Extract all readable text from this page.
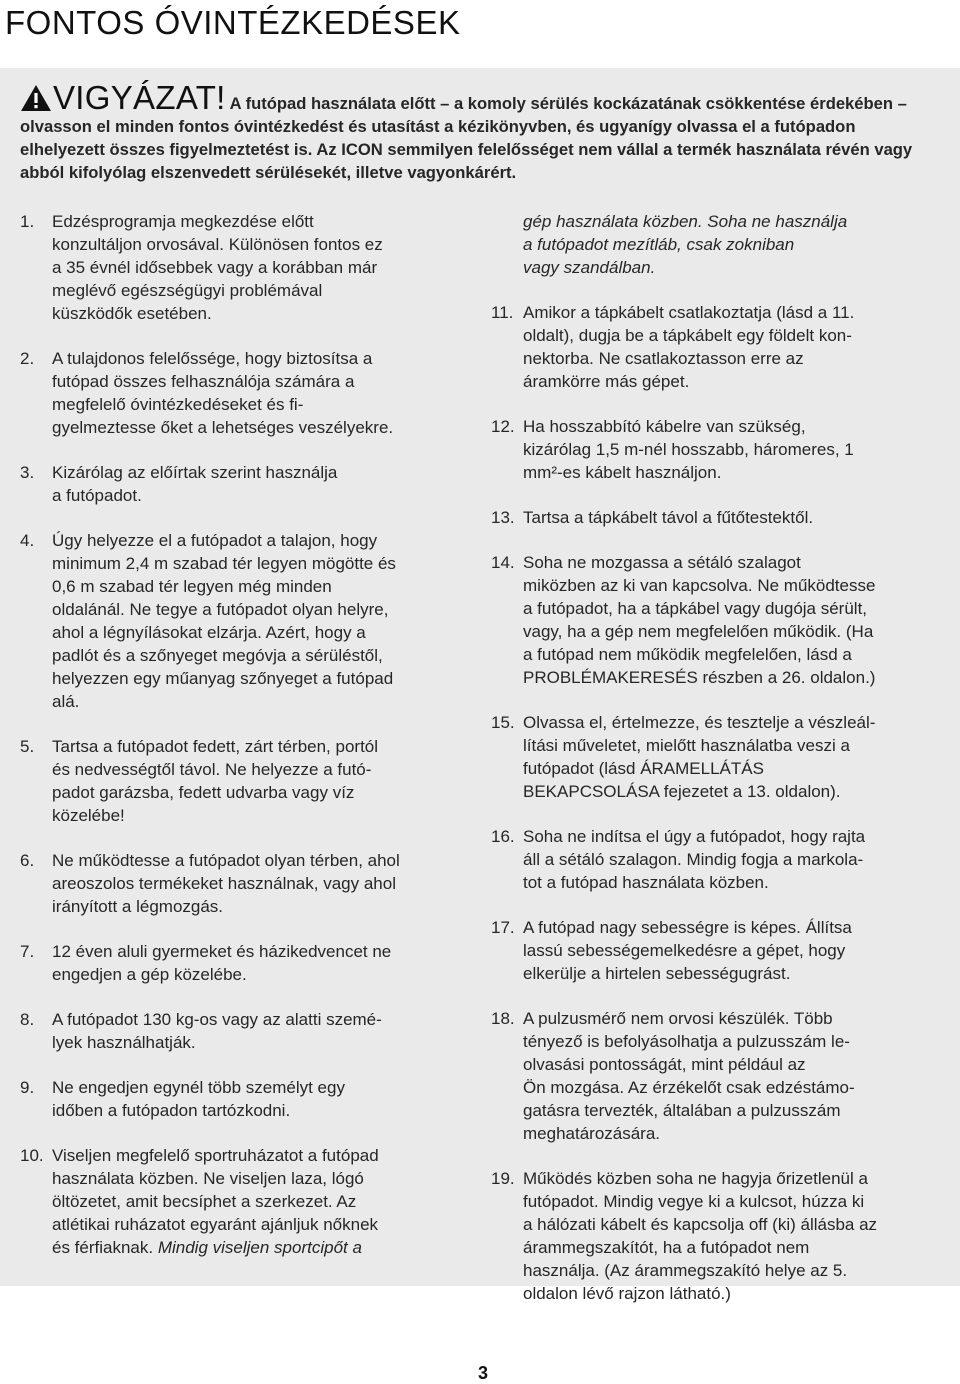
FONTOS ÓVINTÉZKEDÉSEK
VIGYÁZAT! A futópad használata előtt – a komoly sérülés kockázatának csökkentése érdekében – olvasson el minden fontos óvintézkedést és utasítást a kézikönyvben, és ugyanígy olvassa el a futópadon elhelyezett összes figyelmeztetést is. Az ICON semmilyen felelősséget nem vállal a termék használata révén vagy abból kifolyólag elszenvedett sérülésekét, illetve vagyonkárért.
1.	Edzésprogramja megkezdése előtt
konzultáljon orvosával. Különösen fontos ez
a 35 évnél idősebbek vagy a korábban már
meglévő egészségügyi problémával
küszködők esetében.
2.	A tulajdonos felelőssége, hogy biztosítsa a
futópad összes felhasználója számára a
megfelelő óvintézkedéseket és fi-
gyelmeztesse őket a lehetséges veszélyekre.
3.	Kizárólag az előírtak szerint használja
a futópadot.
4.	Úgy helyezze el a futópadot a talajon, hogy
minimum 2,4 m szabad tér legyen mögötte és
0,6 m szabad tér legyen még minden
oldalánál. Ne tegye a futópadot olyan helyre,
ahol a légnyílásokat elzárja. Azért, hogy a
padlót és a szőnyeget megóvja a sérüléstől,
helyezzen egy műanyag szőnyeget a futópad
alá.
5.	Tartsa a futópadot fedett, zárt térben, portól
és nedvességtől távol. Ne helyezze a futó-
padot garázsba, fedett udvarba vagy víz
közelébe!
6.	Ne működtesse a futópadot olyan térben, ahol
areoszolos termékeket használnak, vagy ahol
irányított a légmozgás.
7.	12 éven aluli gyermeket és házikedvencet ne
engedjen a gép közelébe.
8.	A futópadot 130 kg-os vagy az alatti szemé-
lyek használhatják.
9.	Ne engedjen egynél több személyt egy
időben a futópadon tartózkodni.
10. Viseljen megfelelő sportruházatot a futópad
használata közben. Ne viseljen laza, lógó
öltözetet, amit becsíphet a szerkezet. Az
atlétikai ruházatot egyaránt ajánljuk nőknek
és férfiaknak. Mindig viseljen sportcipőt a
gép használata közben. Soha ne használja
a futópadot mezítláb, csak zokniban
vagy szandálban.
11. Amikor a tápkábelt csatlakoztatja (lásd a 11.
oldalt), dugja be a tápkábelt egy földelt kon-
nektorba. Ne csatlakoztasson erre az
áramkörre más gépet.
12. Ha hosszabbító kábelre van szükség,
kizárólag 1,5 m-nél hosszabb, háromeres, 1
mm²-es kábelt használjon.
13. Tartsa a tápkábelt távol a fűtőtestektől.
14. Soha ne mozgassa a sétáló szalagot
miközben az ki van kapcsolva. Ne működtesse
a futópadot, ha a tápkábel vagy dugója sérült,
vagy, ha a gép nem megfelelően működik. (Ha
a futópad nem működik megfelelően, lásd a
PROBLÉMAKERESÉS részben a 26. oldalon.)
15. Olvassa el, értelmezze, és tesztelje a vészleál-
lítási műveletet, mielőtt használatba veszi a
futópadot (lásd ÁRAMELLÁTÁS
BEKAPCSOLÁSA fejezetet a 13. oldalon).
16. Soha ne indítsa el úgy a futópadot, hogy rajta
áll a sétáló szalagon. Mindig fogja a markola-
tot a futópad használata közben.
17. A futópad nagy sebességre is képes. Állítsa
lassú sebességemelkedésre a gépet, hogy
elkerülje a hirtelen sebességugrást.
18. A pulzusmérő nem orvosi készülék. Több
tényező is befolyásolhatja a pulzusszám le-
olvasási pontosságát, mint például az
Ön mozgása. Az érzékelőt csak edzéstámo-
gatásra tervezték, általában a pulzusszám
meghatározására.
19. Működés közben soha ne hagyja őrizetlenül a
futópadot. Mindig vegye ki a kulcsot, húzza ki
a hálózati kábelt és kapcsolja off (ki) állásba az
árammegszakítót, ha a futópadot nem
használja. (Az árammegszakító helye az 5.
oldalon lévő rajzon látható.)
3
